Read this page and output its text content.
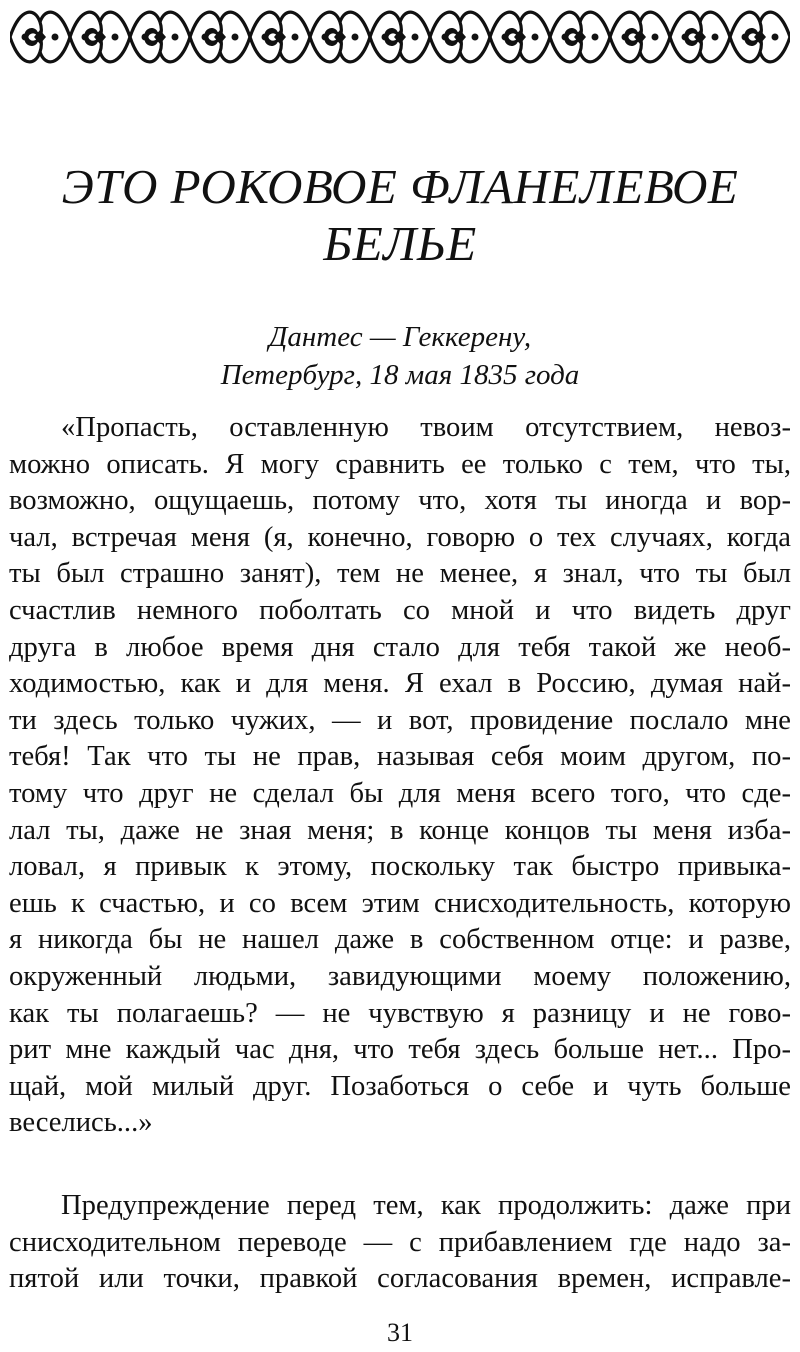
ЭТО РОКОВОЕ ФЛАНЕЛЕВОЕ БЕЛЬЕ
Дантес — Геккерену,
Петербург, 18 мая 1835 года
«Пропасть, оставленную твоим отсутствием, невоз-
можно описать. Я могу сравнить ее только с тем, что ты,
возможно, ощущаешь, потому что, хотя ты иногда и вор-
чал, встречая меня (я, конечно, говорю о тех случаях, когда
ты был страшно занят), тем не менее, я знал, что ты был
счастлив немного поболтать со мной и что видеть друг
друга в любое время дня стало для тебя такой же необ-
ходимостью, как и для меня. Я ехал в Россию, думая най-
ти здесь только чужих, — и вот, провидение послало мне
тебя! Так что ты не прав, называя себя моим другом, по-
тому что друг не сделал бы для меня всего того, что сде-
лал ты, даже не зная меня; в конце концов ты меня изба-
ловал, я привык к этому, поскольку так быстро привыка-
ешь к счастью, и со всем этим снисходительность, которую
я никогда бы не нашел даже в собственном отце: и разве,
окруженный людьми, завидующими моему положению,
как ты полагаешь? — не чувствую я разницу и не гово-
рит мне каждый час дня, что тебя здесь больше нет... Про-
щай, мой милый друг. Позаботься о себе и чуть больше
веселись...»
Предупреждение перед тем, как продолжить: даже при
снисходительном переводе — с прибавлением где надо за-
пятой или точки, правкой согласования времен, исправле-
31
